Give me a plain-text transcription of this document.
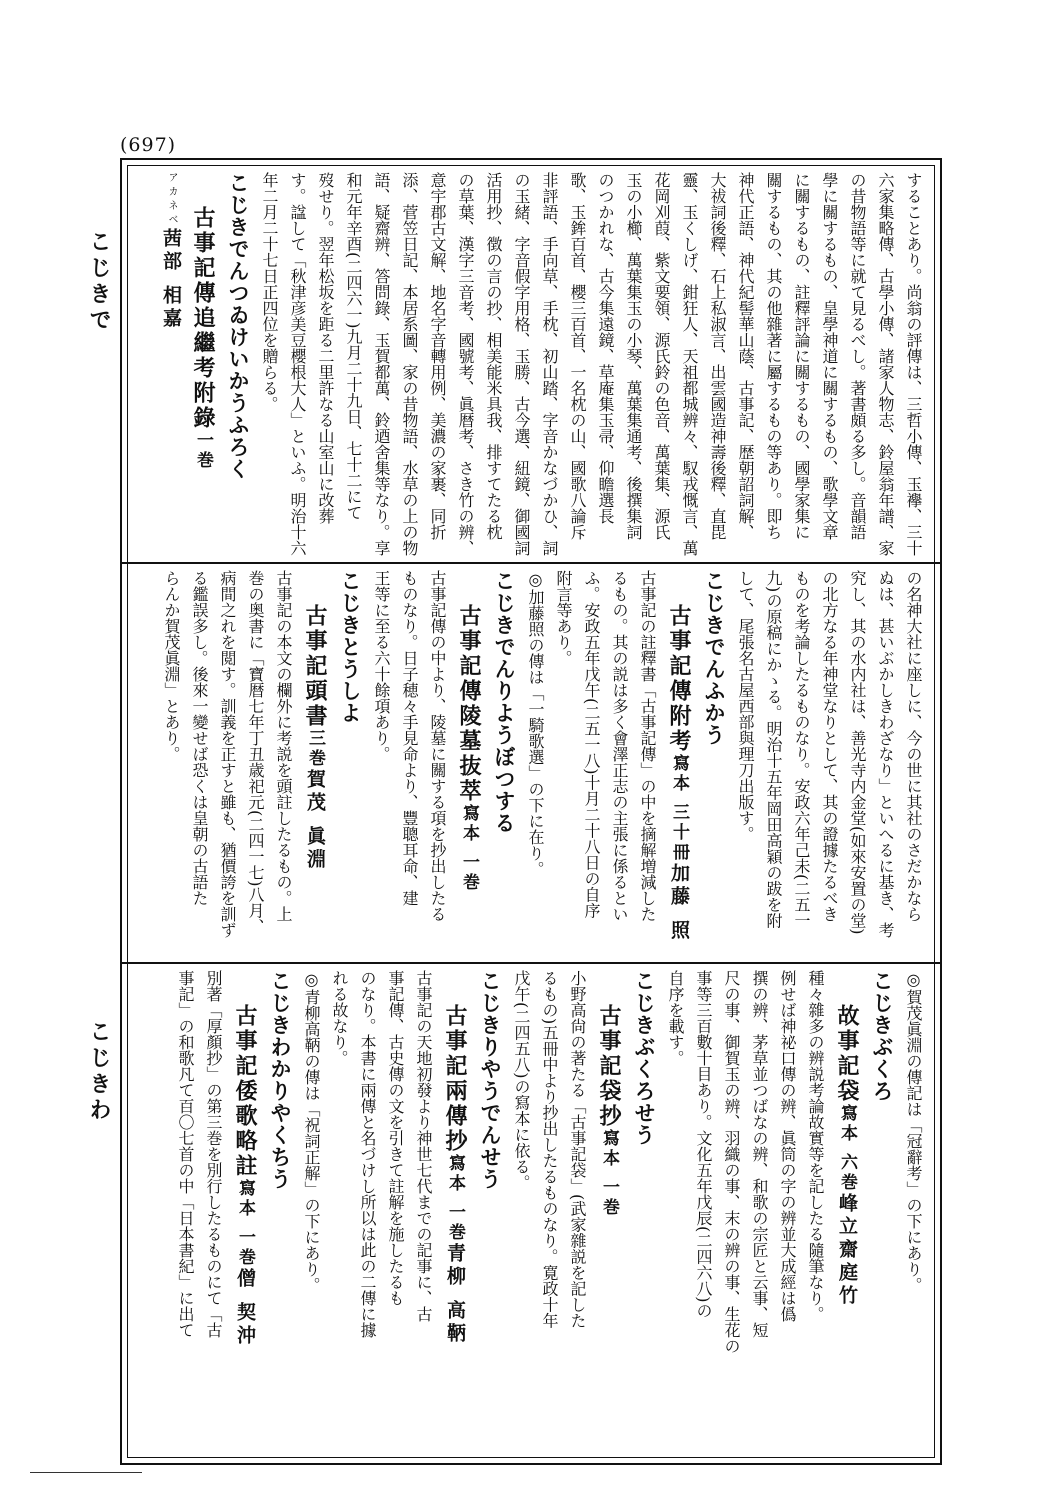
(697)
こじきで
こじきわ
することあり。尚翁の評傳は、三哲小傳、玉襷、三十
六家集略傳、古學小傳、諸家人物志、鈴屋翁年譜、家
の昔物語等に就て見るべし。著書頗る多し。音韻語
學に關するもの、皇學神道に關するもの、歌學文章
に關するもの、註釋評論に關するもの、國學家集に
關するもの、其の他雜著に屬するもの等あり。即ち
神代正語、神代紀髻華山蔭、古事記、歴朝詔詞解、
大祓詞後釋、石上私淑言、出雲國造神壽後釋、直毘
靈、玉くしげ、鉗狂人、天祖都城辨々、馭戎慨言、萬
花岡刈葭、紫文要領、源氏鈴の色音、萬葉集、源氏
玉の小櫛、萬葉集玉の小琴、萬葉集通考、後撰集詞
のつかれな、古今集遠鏡、草庵集玉帚、仰瞻選長
歌、玉鉾百首、櫻三百首、一名枕の山、國歌八論斥
非評語、手向草、手枕、初山踏、字音かなづかひ、詞
の玉緒、字音假字用格、玉勝、古今選、紐鏡、御國詞
活用抄、徴の言の抄、相美能米具我、排すてたる枕
の草葉、漢字三音考、國號考、眞暦考、さき竹の辨、
意宇郡古文解、地名字音轉用例、美濃の家裹、同折
添、菅笠日記、本居系圖、家の昔物語、水草の上の物
語、疑齋辨、答問錄、玉賀都萬、鈴迺舍集等なり。享
和元年辛酉(二四六一)九月二十九日、七十二にて
歿せり。翌年松坂を距る二里許なる山室山に改葬
す。諡して「秋津彦美豆櫻根大人」といふ。明治十六
年二月二十七日正四位を贈らる。
こじきでんつゐけいかうふろく
古事記傳追繼考附錄一巻
アカネベ茜部 相嘉
の名神大社に座しに、今の世に其社のさだかなら
ぬは、甚いぶかしきわざなり」といへるに基き、考
究し、其の水内社は、善光寺内金堂(如來安置の堂)
の北方なる年神堂なりとして、其の證據たるべき
ものを考論したるものなり。安政六年己未(二五一
九)の原稿にかゝる。明治十五年岡田高穎の跋を附
して、尾張名古屋西部與理刀出版す。
こじきでんふかう
古事記傳附考寫本 三十冊加藤 照
古事記の註釋書「古事記傳」の中を摘解増減した
るもの。其の説は多く會澤正志の主張に係るとい
ふ。安政五年戊午(二五一八)十月二十八日の自序
附言等あり。
◎加藤照の傳は「一騎歌選」の下に在り。
こじきでんりようぼつする
古事記傳陵墓抜萃寫本 一巻
古事記傳の中より、陵墓に關する項を抄出したる
ものなり。日子穂々手見命より、豐聰耳命、建
王等に至る六十餘項あり。
こじきとうしよ
古事記頭書三巻賀茂 眞淵
古事記の本文の欄外に考説を頭註したるもの。上
巻の奥書に「寶暦七年丁丑歳祀元(二四一七)八月、
病間之れを閲す。訓義を正すと雖も、猶價誇を訓ず
る鑑誤多し。後來一變せば恐くは皇朝の古語た
らんか賀茂眞淵」とあり。
◎賀茂眞淵の傳記は「冠辭考」の下にあり。
こじきぶくろ
故事記袋寫本 六巻峰立齋庭竹
種々雜多の辨説考論故實等を記したる隨筆なり。
例せば神祕口傳の辨、眞筒の字の辨並大成經は僞
撰の辨、茅草並つばなの辨、和歌の宗匠と云事、短
尺の事、御賀玉の辨、羽織の事、末の辨の事、生花の
事等三百數十目あり。文化五年戊辰(二四六八)の
自序を載す。
こじきぶくろせう
古事記袋抄寫本 一巻
小野高尙の著たる「古事記袋」(武家雜説を記した
るもの)五冊中より抄出したるものなり。寛政十年
戊午(二四五八)の寫本に依る。
こじきりやうでんせう
古事記兩傳抄寫本 一巻青柳 高鞆
古事記の天地初發より神世七代までの記事に、古
事記傳、古史傳の文を引きて註解を施したるも
のなり。本書に兩傳と名づけし所以は此の二傳に據
れる故なり。
◎青柳高鞆の傳は「祝詞正解」の下にあり。
こじきわかりやくちう
古事記倭歌略註寫本 一巻僧 契沖
別著「厚顏抄」の第三巻を別行したるものにて「古
事記」の和歌凡て百〇七首の中「日本書紀」に出て
